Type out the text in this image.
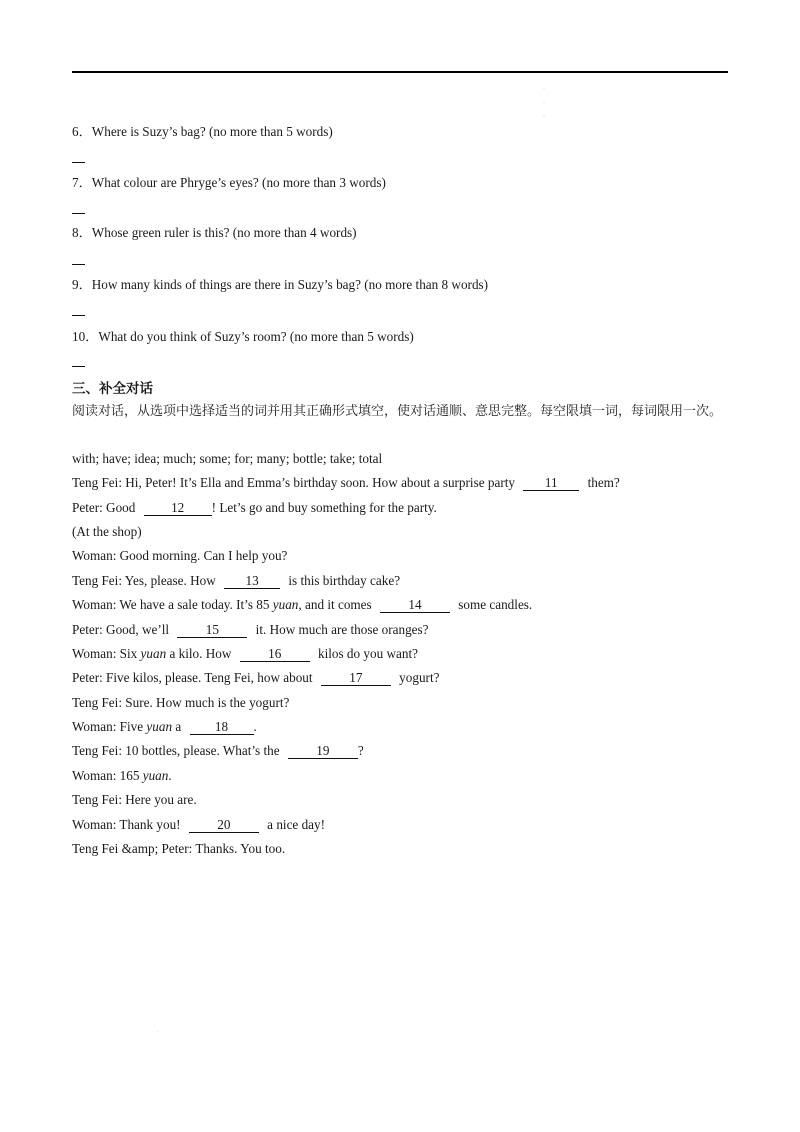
·
·
·
6．Where is Suzy’s bag? (no more than 5 words)
7．What colour are Phryge’s eyes? (no more than 3 words)
8．Whose green ruler is this? (no more than 4 words)
9．How many kinds of things are there in Suzy’s bag? (no more than 8 words)
10．What do you think of Suzy’s room? (no more than 5 words)
三、补全对话
阅读对话，从选项中选择适当的词并用其正确形式填空，使对话通顺、意思完整。每空限填一词，每词限用一次。
with; have; idea; much; some; for; many; bottle; take; total
Teng Fei: Hi, Peter! It’s Ella and Emma’s birthday soon. How about a surprise party 11 them?
Peter: Good	12 ! Let’s go and buy something for the party.
(At the shop)
Woman: Good morning. Can I help you?
Teng Fei: Yes, please. How 13 is this birthday cake?
Woman: We have a sale today. It’s 85 yuan, and it comes	14	some candles.
Peter: Good, we’ll	15	it. How much are those oranges?
Woman: Six yuan a kilo. How	16	kilos do you want?
Peter: Five kilos, please. Teng Fei, how about	17	yogurt?
Teng Fei: Sure. How much is the yogurt?
Woman: Five yuan a	18 .
Teng Fei: 10 bottles, please. What’s the	19 ?
Woman: 165 yuan.
Teng Fei: Here you are.
Woman: Thank you!	20	a nice day!
Teng Fei &amp; Peter: Thanks. You too.
·
